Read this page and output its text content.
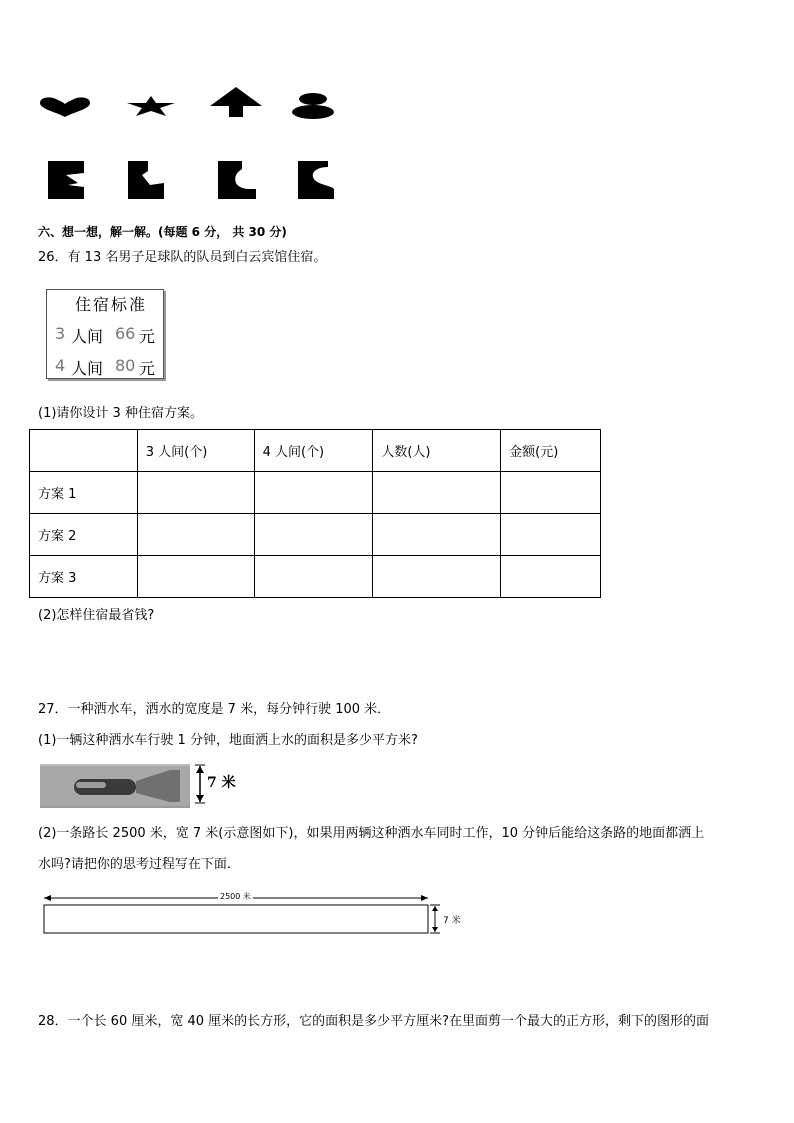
六、想一想，解一解。(每题 6 分， 共 30 分)
26．有 13 名男子足球队的队员到白云宾馆住宿。
住宿标准
3 人间 66 元
4 人间 80 元
(1)请你设计 3 种住宿方案。
	3 人间(个)	4 人间(个)	人数(人)	金额(元)
方案 1				
方案 2				
方案 3				
(2)怎样住宿最省钱?
27．一种洒水车，洒水的宽度是 7 米，每分钟行驶 100 米．
(1)一辆这种洒水车行驶 1 分钟，地面洒上水的面积是多少平方米?
7 米
(2)一条路长 2500 米，宽 7 米(示意图如下)，如果用两辆这种洒水车同时工作，10 分钟后能给这条路的地面都洒上
水吗?请把你的思考过程写在下面．
2500 米
7 米
28．一个长 60 厘米，宽 40 厘米的长方形，它的面积是多少平方厘米?在里面剪一个最大的正方形，剩下的图形的面
